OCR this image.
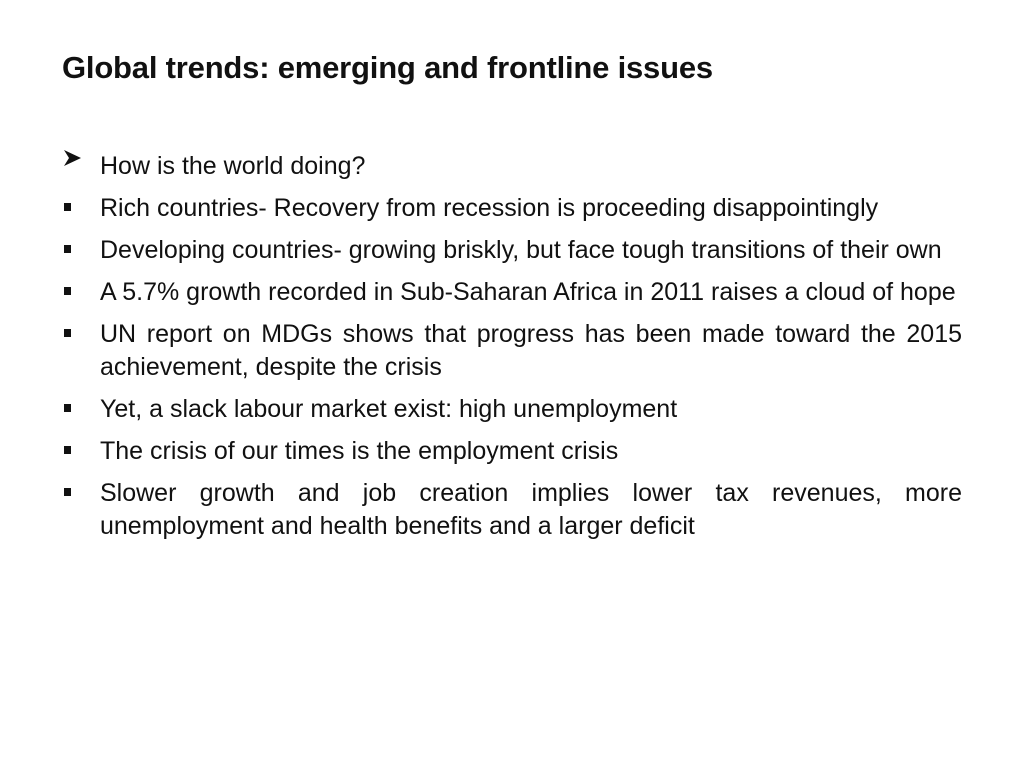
Global trends: emerging and frontline issues
How is the world doing?
Rich countries- Recovery from recession is proceeding disappointingly
Developing countries- growing briskly, but face tough transitions of their own
A 5.7% growth recorded in Sub-Saharan Africa in 2011 raises a cloud of hope
UN report on MDGs shows that progress has been made toward the 2015 achievement, despite the crisis
Yet, a slack labour market exist: high unemployment
The crisis of our times is the employment crisis
Slower growth and job creation implies lower tax revenues, more unemployment and health benefits and a larger deficit
